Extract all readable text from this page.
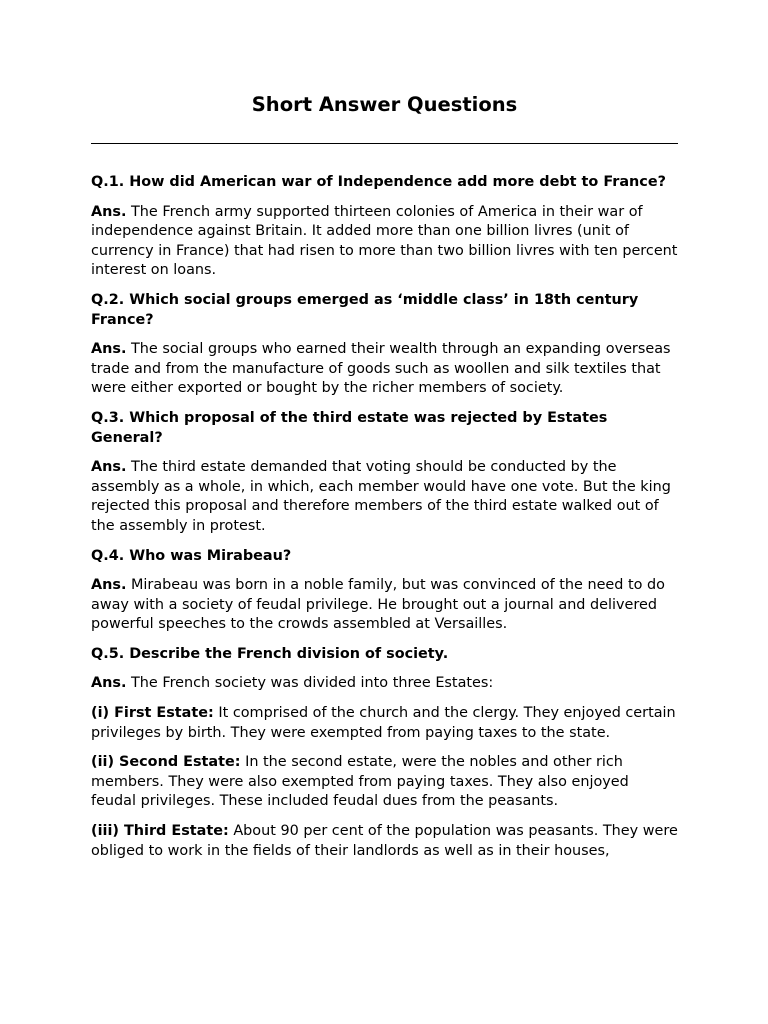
Short Answer Questions
Q.1. How did American war of Independence add more debt to France?
Ans. The French army supported thirteen colonies of America in their war of independence against Britain. It added more than one billion livres (unit of currency in France) that had risen to more than two billion livres with ten percent interest on loans.
Q.2. Which social groups emerged as ‘middle class’ in 18th century France?
Ans. The social groups who earned their wealth through an expanding overseas trade and from the manufacture of goods such as woollen and silk textiles that were either exported or bought by the richer members of society.
Q.3. Which proposal of the third estate was rejected by Estates General?
Ans. The third estate demanded that voting should be conducted by the assembly as a whole, in which, each member would have one vote. But the king rejected this proposal and therefore members of the third estate walked out of the assembly in protest.
Q.4. Who was Mirabeau?
Ans. Mirabeau was born in a noble family, but was convinced of the need to do away with a society of feudal privilege. He brought out a journal and delivered powerful speeches to the crowds assembled at Versailles.
Q.5. Describe the French division of society.
Ans. The French society was divided into three Estates:
(i) First Estate: It comprised of the church and the clergy. They enjoyed certain privileges by birth. They were exempted from paying taxes to the state.
(ii) Second Estate: In the second estate, were the nobles and other rich members. They were also exempted from paying taxes. They also enjoyed feudal privileges. These included feudal dues from the peasants.
(iii) Third Estate: About 90 per cent of the population was peasants. They were obliged to work in the fields of their landlords as well as in their houses,
